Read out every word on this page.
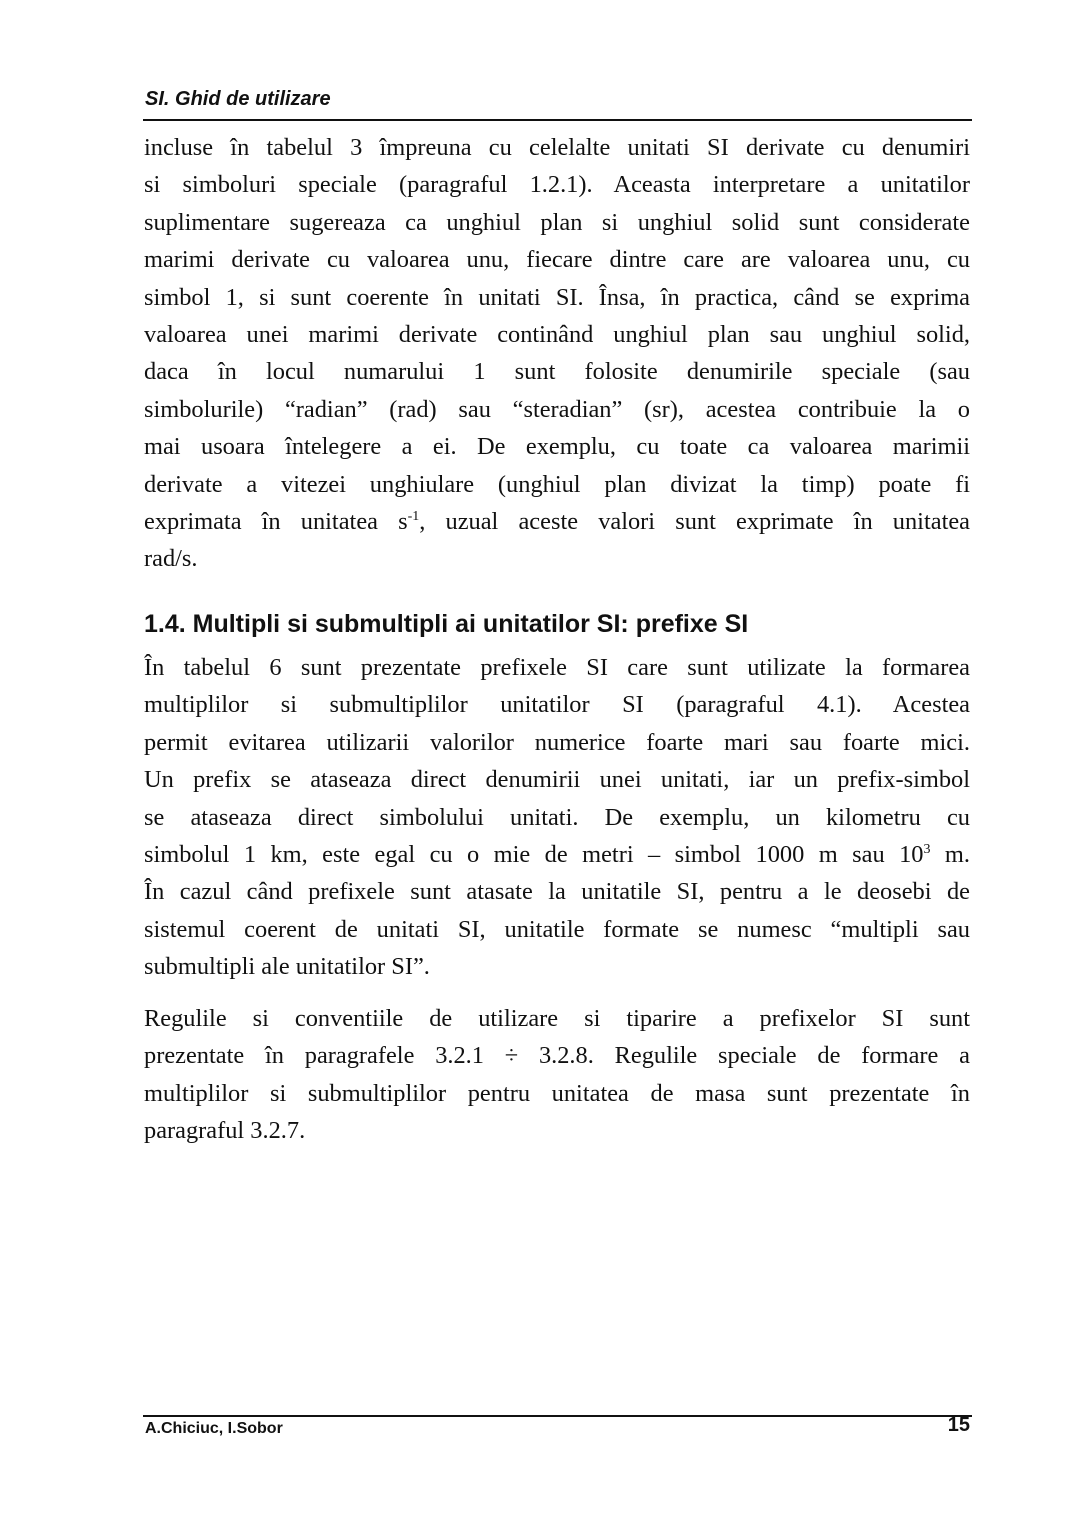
SI. Ghid de utilizare
incluse în tabelul 3 împreuna cu celelalte unitati SI derivate cu denumiri
si simboluri speciale (paragraful 1.2.1). Aceasta interpretare a unitatilor
suplimentare sugereaza ca unghiul plan si unghiul solid sunt considerate
marimi derivate cu valoarea unu, fiecare dintre care are valoarea unu, cu
simbol 1, si sunt coerente în unitati SI. Însa, în practica, când se exprima
valoarea unei marimi derivate continând unghiul plan sau unghiul solid,
daca în locul numarului 1 sunt folosite denumirile speciale (sau
simbolurile) “radian” (rad) sau “steradian” (sr), acestea contribuie la o
mai usoara întelegere a ei. De exemplu, cu toate ca valoarea marimii
derivate a vitezei unghiulare (unghiul plan divizat la timp) poate fi
exprimata în unitatea $s^{-1}$, uzual aceste valori sunt exprimate în unitatea
rad/s.
1.4. Multipli si submultipli ai unitatilor SI: prefixe SI
În tabelul 6 sunt prezentate prefixele SI care sunt utilizate la formarea
multiplilor si submultiplilor unitatilor SI (paragraful 4.1). Acestea
permit evitarea utilizarii valorilor numerice foarte mari sau foarte mici.
Un prefix se ataseaza direct denumirii unei unitati, iar un prefix-simbol
se ataseaza direct simbolului unitati. De exemplu, un kilometru cu
simbolul 1 km, este egal cu o mie de metri – simbol 1000 m sau $10^3$ m.
În cazul când prefixele sunt atasate la unitatile SI, pentru a le deosebi de
sistemul coerent de unitati SI, unitatile formate se numesc “multipli sau
submultipli ale unitatilor SI”.
Regulile si conventiile de utilizare si tiparire a prefixelor SI sunt
prezentate în paragrafele 3.2.1 ÷ 3.2.8. Regulile speciale de formare a
multiplilor si submultiplilor pentru unitatea de masa sunt prezentate în
paragraful 3.2.7.
A.Chiciuc, I.Sobor	15
